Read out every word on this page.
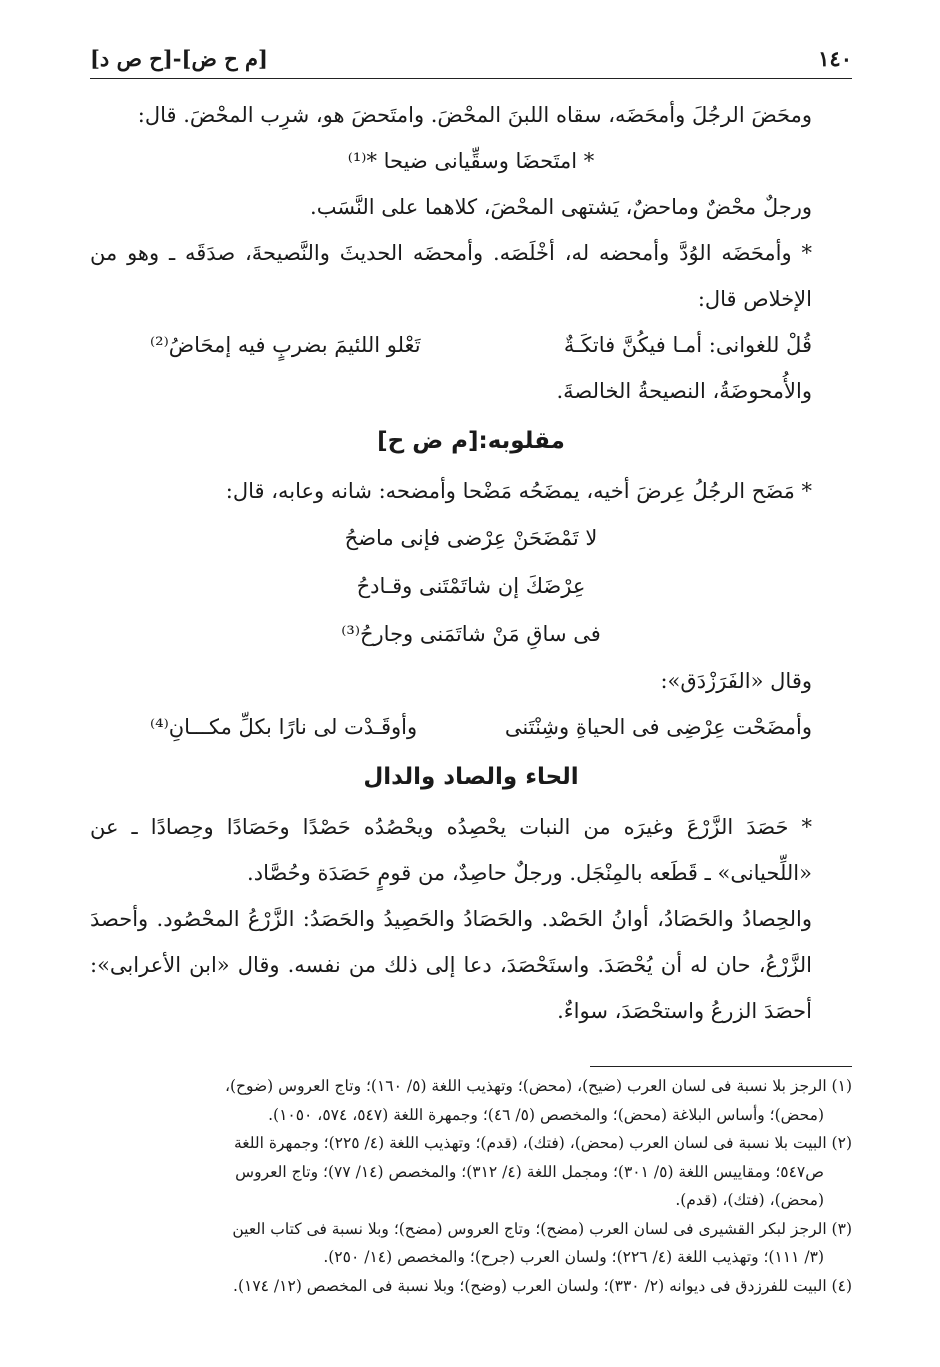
١٤٠
[م ح ض]-[ح ص د]

ومحَضَ الرجُلَ وأمحَضَه، سقاه اللبنَ المحْضَ. وامتَحضَ هو، شرِب المحْضَ. قال:

* امتَحضَا وسقِّيانى ضيحا *⁽¹⁾

ورجلٌ محْضٌ وماحضٌ، يَشتهى المحْضَ، كلاهما على النَّسَب.

* وأمحَضَه الوُدَّ وأمحضه له، أخْلَصَه. وأمحضَه الحديثَ والنَّصيحةَ، صدَقَه ـ وهو من الإخلاص قال:

قُلْ للغوانى: أمـا فيكُنَّ فاتكَـةٌ
تَعْلو اللئيمَ بضربٍ فيه إمحَاضُ⁽²⁾

والأُمحوضَةُ، النصيحةُ الخالصةَ.

مقلوبه:[م ض ح]

* مَضَح الرجُلُ عِرضَ أخيه، يمضَحُه مَضْحا وأمضحه: شانه وعابه، قال:

لا تَمْضَحَنْ عِرْضى فإنى ماضحُ
عِرْضَكَ إن شاتَمْتَنى وقـادحُ
فى ساقِ مَنْ شاتَمَنى وجارحُ⁽³⁾

وقال «الفَرَزْدَق»:

وأمضَحْت عِرْضِى فى الحياةِ وشِنْتَنى
وأوقَـدْت لى نارًا بكلِّ مكـــانِ⁽⁴⁾
الحاء والصاد والدال

* حَصَدَ الزَّرْعَ وغيرَه من النبات يحْصِدُه ويحْصُدُه حَصْدًا وحَصَادًا وحِصادًا ـ عن «اللِّحيانى» ـ قَطَعه بالمِنْجَل. ورجلٌ حاصِدٌ، من قومٍ حَصَدَة وحُصَّاد.

والحِصادُ والحَصَادُ، أوانُ الحَصْد. والحَصَادُ والحَصِيدُ والحَصَدُ: الزَّرْعُ المحْصُود. وأحصدَ الزَّرْعُ، حان له أن يُحْصَدَ. واستَحْصَدَ، دعا إلى ذلك من نفسه. وقال «ابن الأعرابى»: أحصَدَ الزرعُ واستحْصَدَ، سواءٌ.

(١) الرجز بلا نسبة فى لسان العرب (ضيح)، (محض)؛ وتهذيب اللغة (٥/ ١٦٠)؛ وتاج العروس (ضوح)،
(محض)؛ وأساس البلاغة (محض)؛ والمخصص (٥/ ٤٦)؛ وجمهرة اللغة (٥٤٧، ٥٧٤، ١٠٥٠).

(٢) البيت بلا نسبة فى لسان العرب (محض)، (فتك)، (قدم)؛ وتهذيب اللغة (٤/ ٢٢٥)؛ وجمهرة اللغة
ص٥٤٧؛ ومقاييس اللغة (٥/ ٣٠١)؛ ومجمل اللغة (٤/ ٣١٢)؛ والمخصص (١٤/ ٧٧)؛ وتاج العروس
(محض)، (فتك)، (قدم).

(٣) الرجز لبكر القشيرى فى لسان العرب (مضح)؛ وتاج العروس (مضح)؛ وبلا نسبة فى كتاب العين
(٣/ ١١١)؛ وتهذيب اللغة (٤/ ٢٢٦)؛ ولسان العرب (جرح)؛ والمخصص (١٤/ ٢٥٠).

(٤) البيت للفرزدق فى ديوانه (٢/ ٣٣٠)؛ ولسان العرب (وضح)؛ وبلا نسبة فى المخصص (١٢/ ١٧٤).
